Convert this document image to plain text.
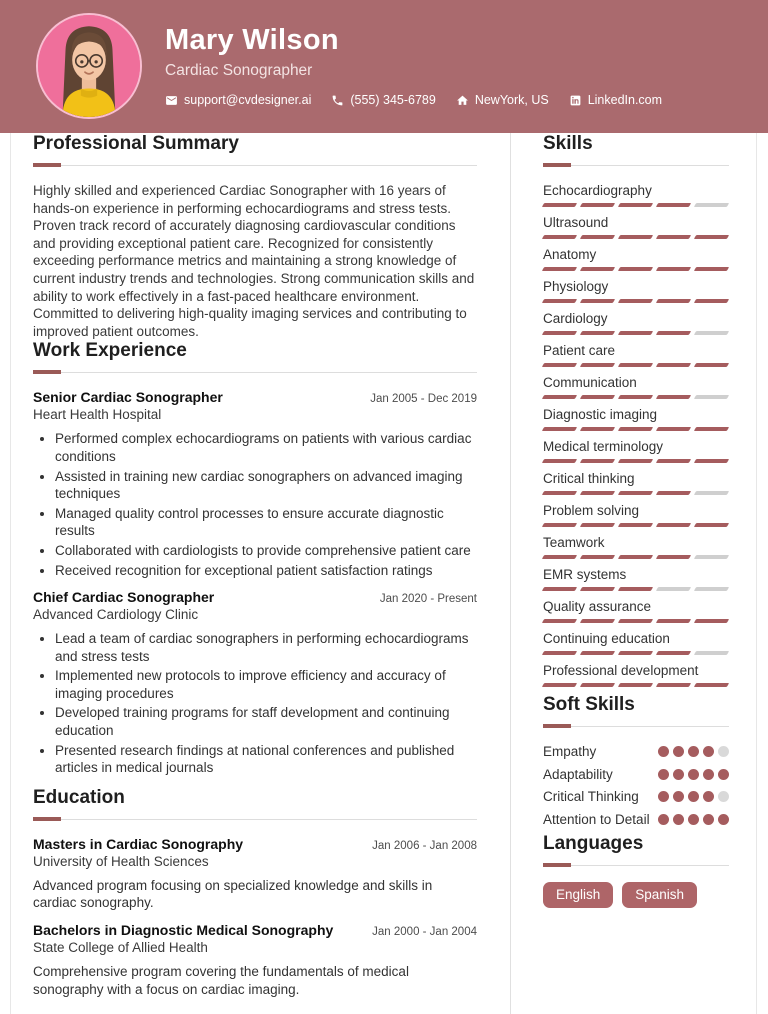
Mary Wilson
Cardiac Sonographer
support@cvdesigner.ai	(555) 345-6789	NewYork, US	LinkedIn.com
Professional Summary

Highly skilled and experienced Cardiac Sonographer with 16 years of hands-on experience in performing echocardiograms and stress tests. Proven track record of accurately diagnosing cardiovascular conditions and providing exceptional patient care. Recognized for consistently exceeding performance metrics and maintaining a strong knowledge of current industry trends and technologies. Strong communication skills and ability to work effectively in a fast-paced healthcare environment. Committed to delivering high-quality imaging services and contributing to improved patient outcomes.

Work Experience
Senior Cardiac Sonographer	Jan 2005 - Dec 2019
Heart Health Hospital
• Performed complex echocardiograms on patients with various cardiac conditions
• Assisted in training new cardiac sonographers on advanced imaging techniques
• Managed quality control processes to ensure accurate diagnostic results
• Collaborated with cardiologists to provide comprehensive patient care
• Received recognition for exceptional patient satisfaction ratings
Chief Cardiac Sonographer	Jan 2020 - Present
Advanced Cardiology Clinic
• Lead a team of cardiac sonographers in performing echocardiograms and stress tests
• Implemented new protocols to improve efficiency and accuracy of imaging procedures
• Developed training programs for staff development and continuing education
• Presented research findings at national conferences and published articles in medical journals
Education
Masters in Cardiac Sonography	Jan 2006 - Jan 2008
University of Health Sciences

Advanced program focusing on specialized knowledge and skills in cardiac sonography.

Bachelors in Diagnostic Medical Sonography	Jan 2000 - Jan 2004
State College of Allied Health

Comprehensive program covering the fundamentals of medical sonography with a focus on cardiac imaging.

Skills
Echocardiography
Ultrasound
Anatomy
Physiology
Cardiology
Patient care
Communication
Diagnostic imaging
Medical terminology
Critical thinking
Problem solving
Teamwork
EMR systems
Quality assurance
Continuing education
Professional development
Soft Skills
Empathy
Adaptability
Critical Thinking
Attention to Detail
Languages
English	Spanish
